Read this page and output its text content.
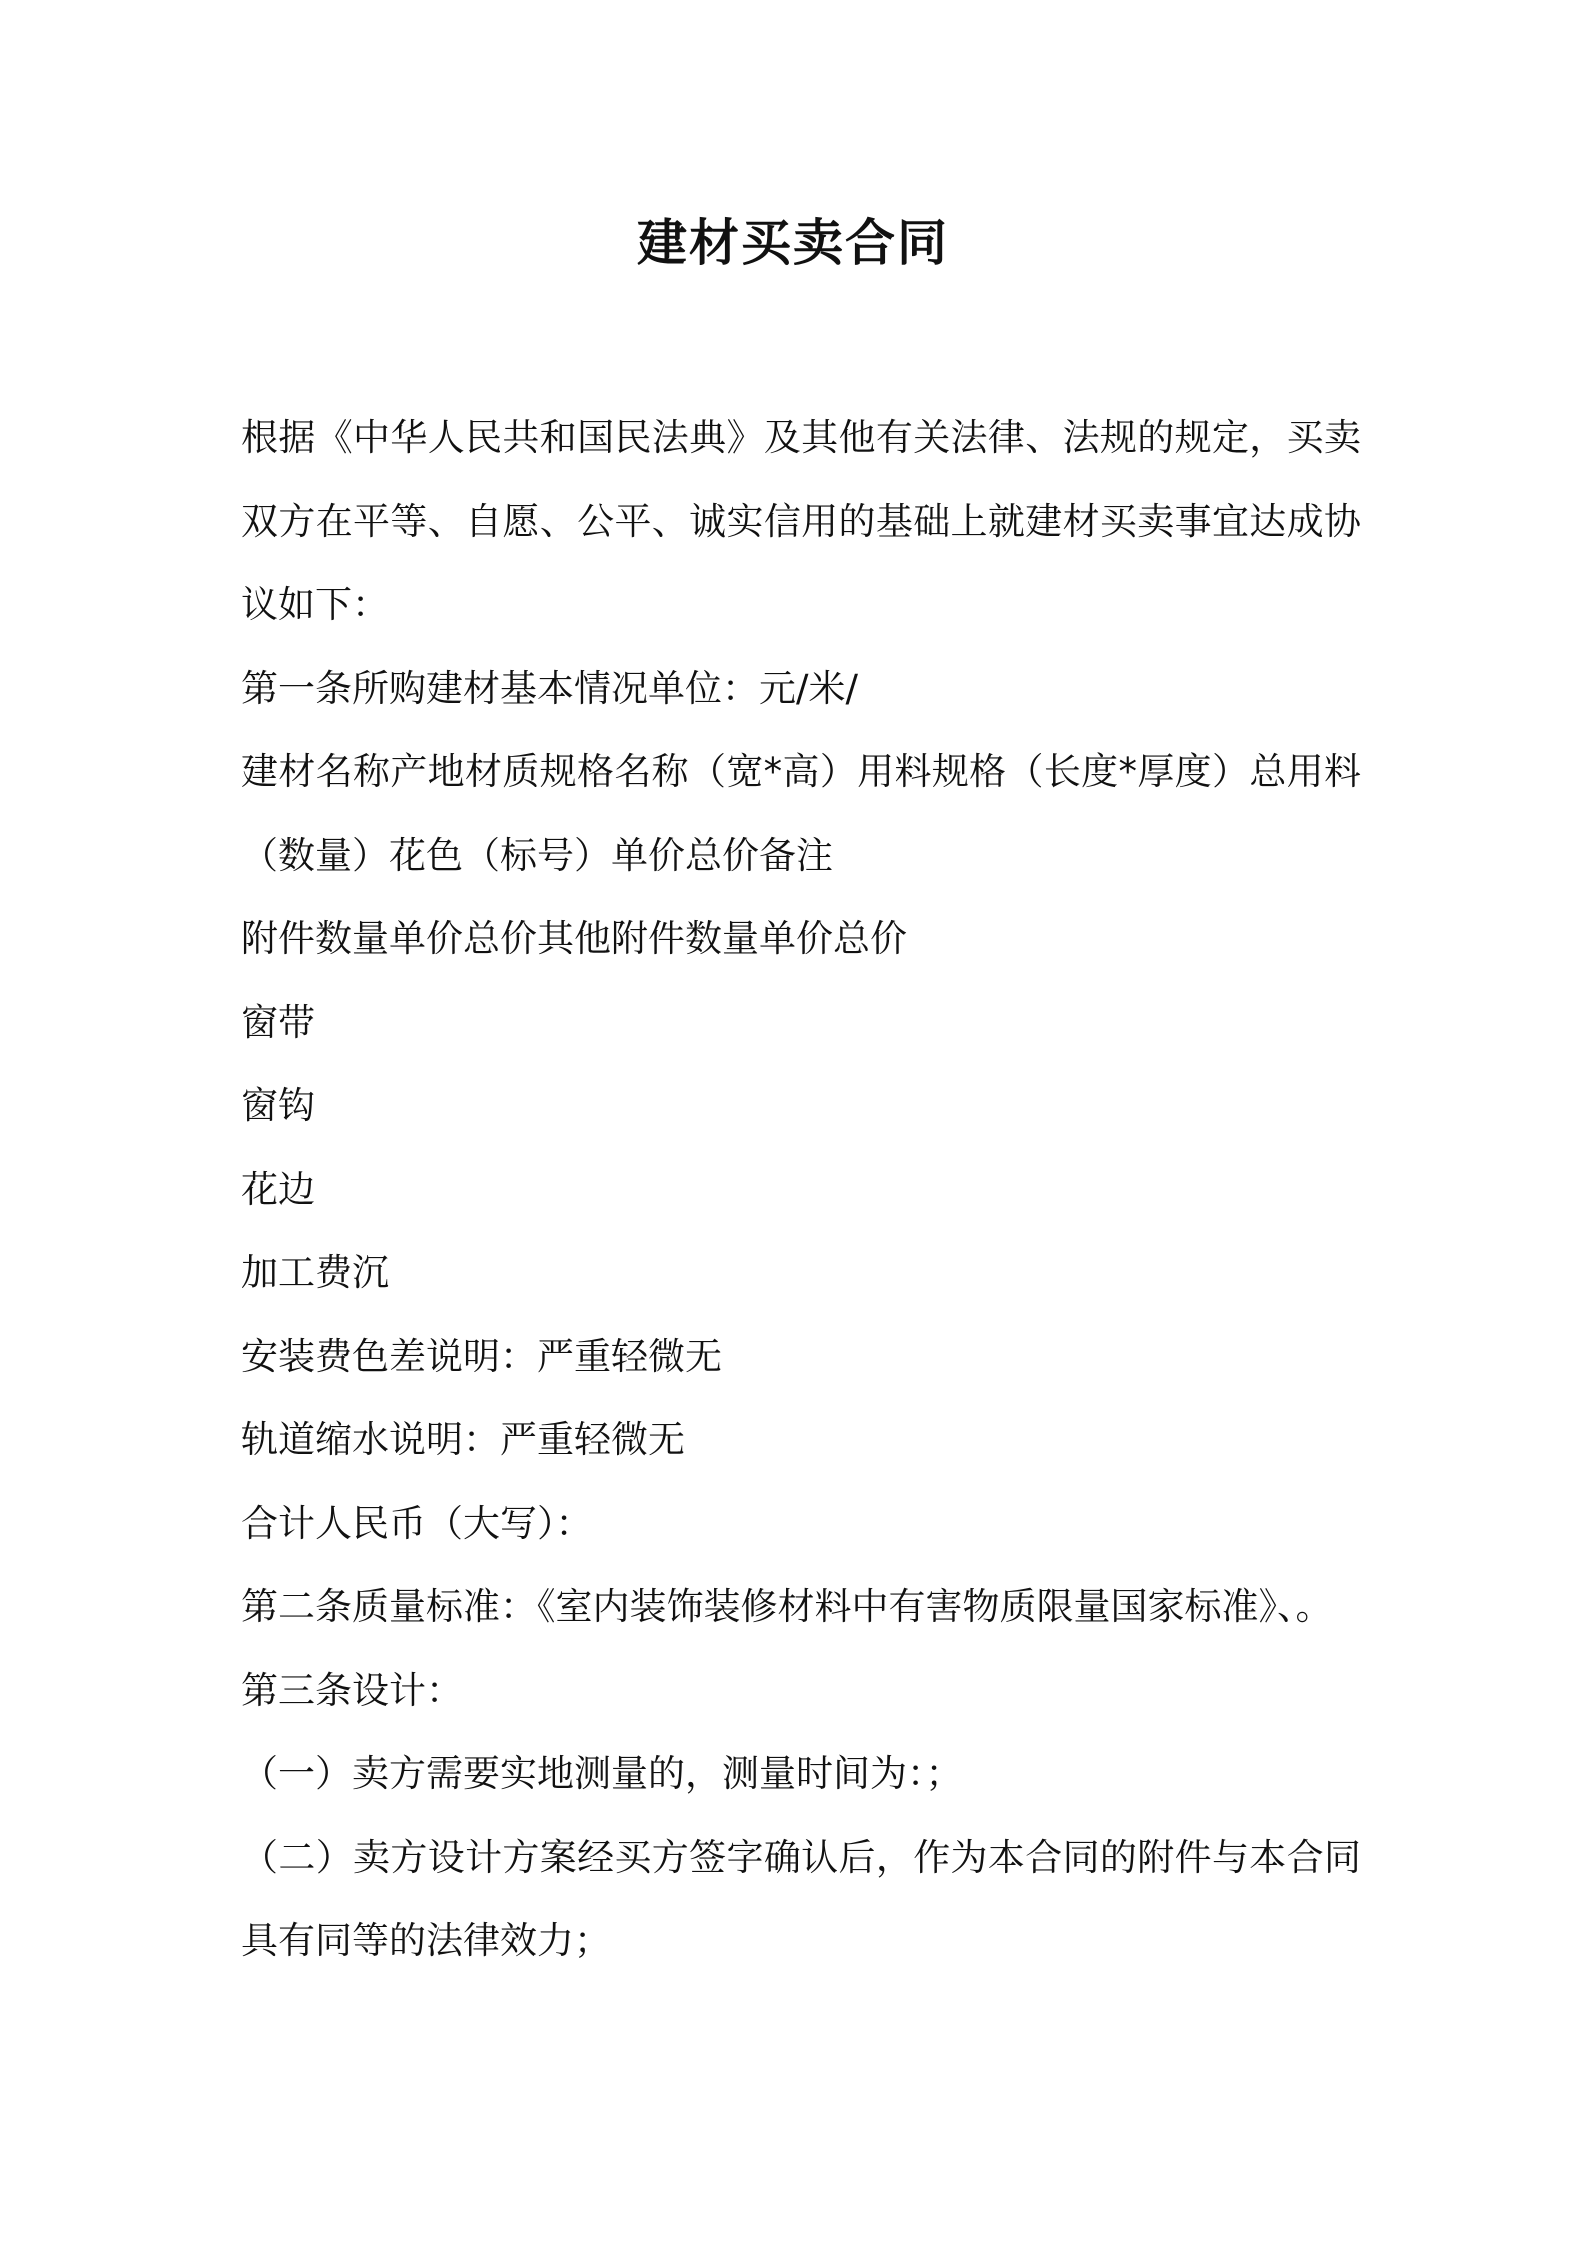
建材买卖合同

根据《中华人民共和国民法典》及其他有关法律、法规的规定，买卖双方在平等、自愿、公平、诚实信用的基础上就建材买卖事宜达成协议如下：

第一条所购建材基本情况单位：元/米/

建材名称产地材质规格名称（宽*高）用料规格（长度*厚度）总用料（数量）花色（标号）单价总价备注

附件数量单价总价其他附件数量单价总价

窗带

窗钩

花边

加工费沉

安装费色差说明：严重轻微无

轨道缩水说明：严重轻微无

合计人民币（大写）：

第二条质量标准：《室内装饰装修材料中有害物质限量国家标准》、。

第三条设计：

（一）卖方需要实地测量的，测量时间为：；

（二）卖方设计方案经买方签字确认后，作为本合同的附件与本合同具有同等的法律效力；
